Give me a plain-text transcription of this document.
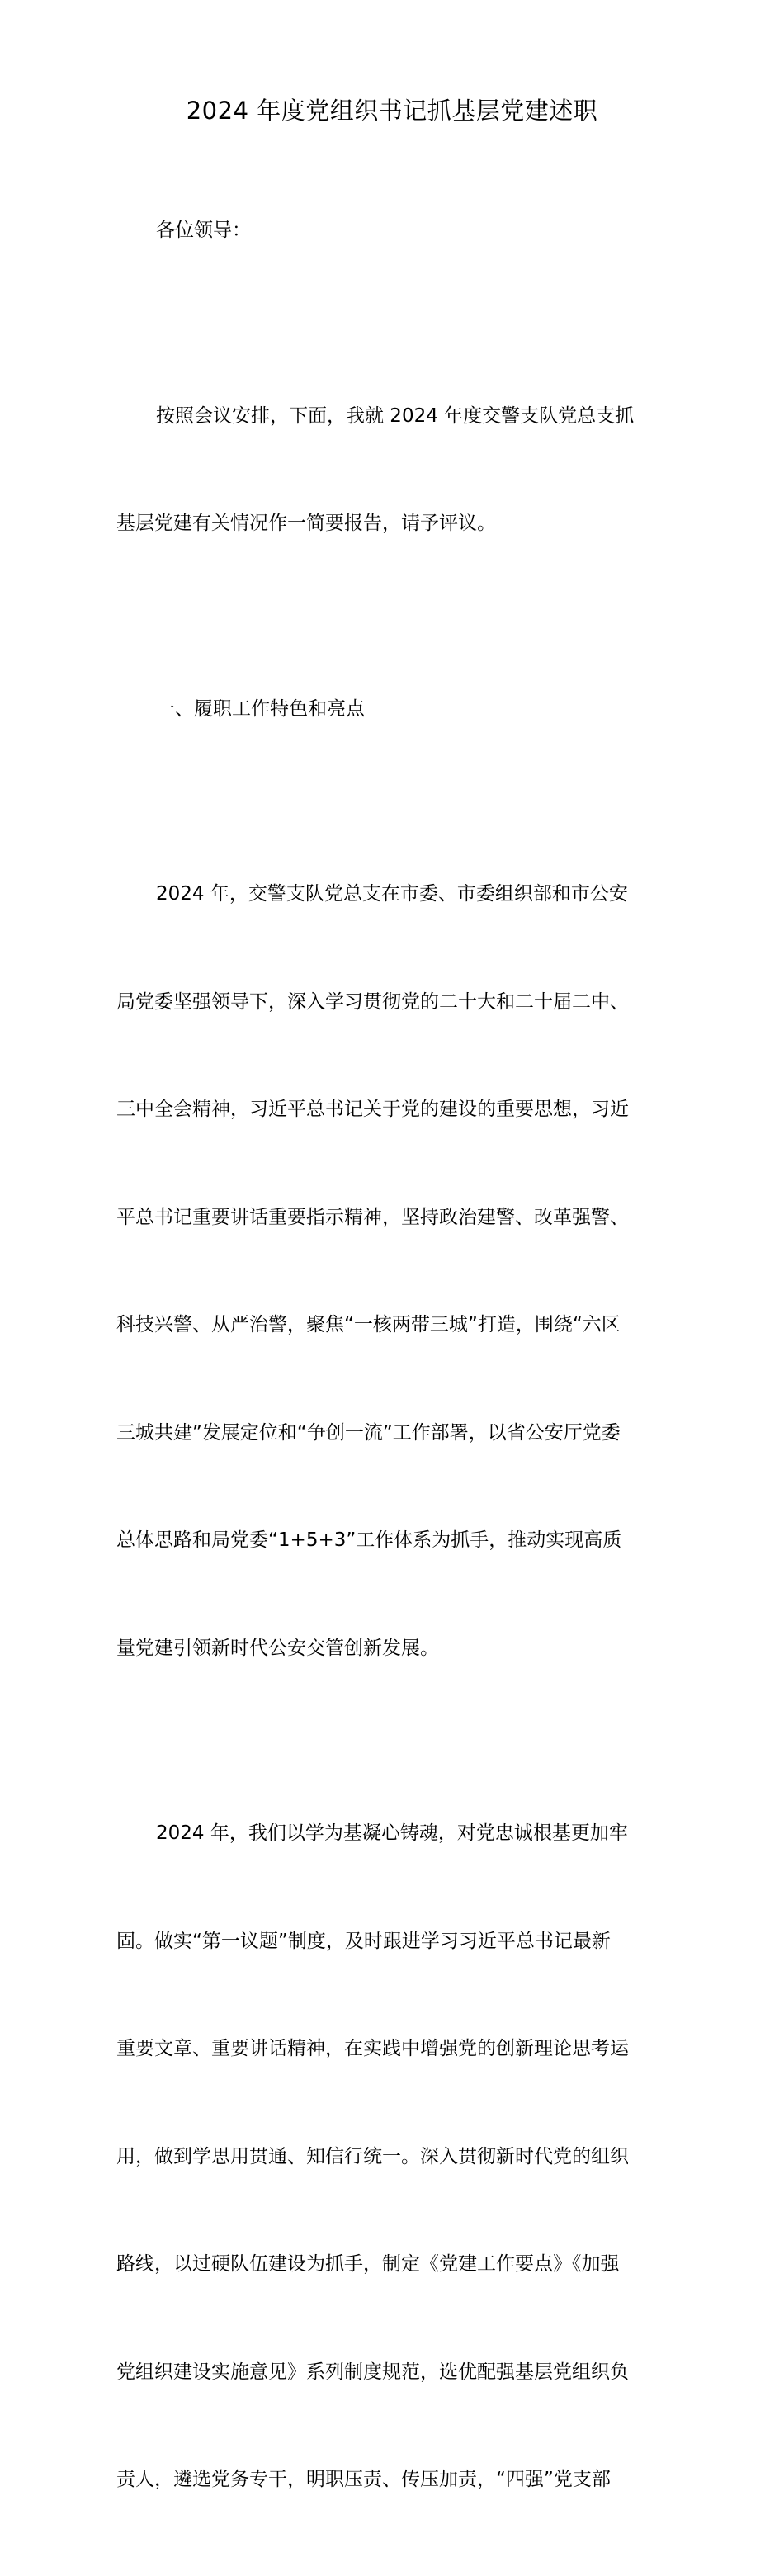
2024 年度党组织书记抓基层党建述职

各位领导：

按照会议安排，下面，我就 2024 年度交警支队党总支抓

基层党建有关情况作一简要报告，请予评议。

一、履职工作特色和亮点

2024 年，交警支队党总支在市委、市委组织部和市公安

局党委坚强领导下，深入学习贯彻党的二十大和二十届二中、

三中全会精神，习近平总书记关于党的建设的重要思想，习近

平总书记重要讲话重要指示精神，坚持政治建警、改革强警、

科技兴警、从严治警，聚焦“一核两带三城”打造，围绕“六区

三城共建”发展定位和“争创一流”工作部署，以省公安厅党委

总体思路和局党委“1+5+3”工作体系为抓手，推动实现高质

量党建引领新时代公安交管创新发展。

2024 年，我们以学为基凝心铸魂，对党忠诚根基更加牢

固。做实“第一议题”制度，及时跟进学习习近平总书记最新

重要文章、重要讲话精神，在实践中增强党的创新理论思考运

用，做到学思用贯通、知信行统一。深入贯彻新时代党的组织

路线，以过硬队伍建设为抓手，制定《党建工作要点》《加强

党组织建设实施意见》系列制度规范，选优配强基层党组织负

责人，遴选党务专干，明职压责、传压加责，“四强”党支部
